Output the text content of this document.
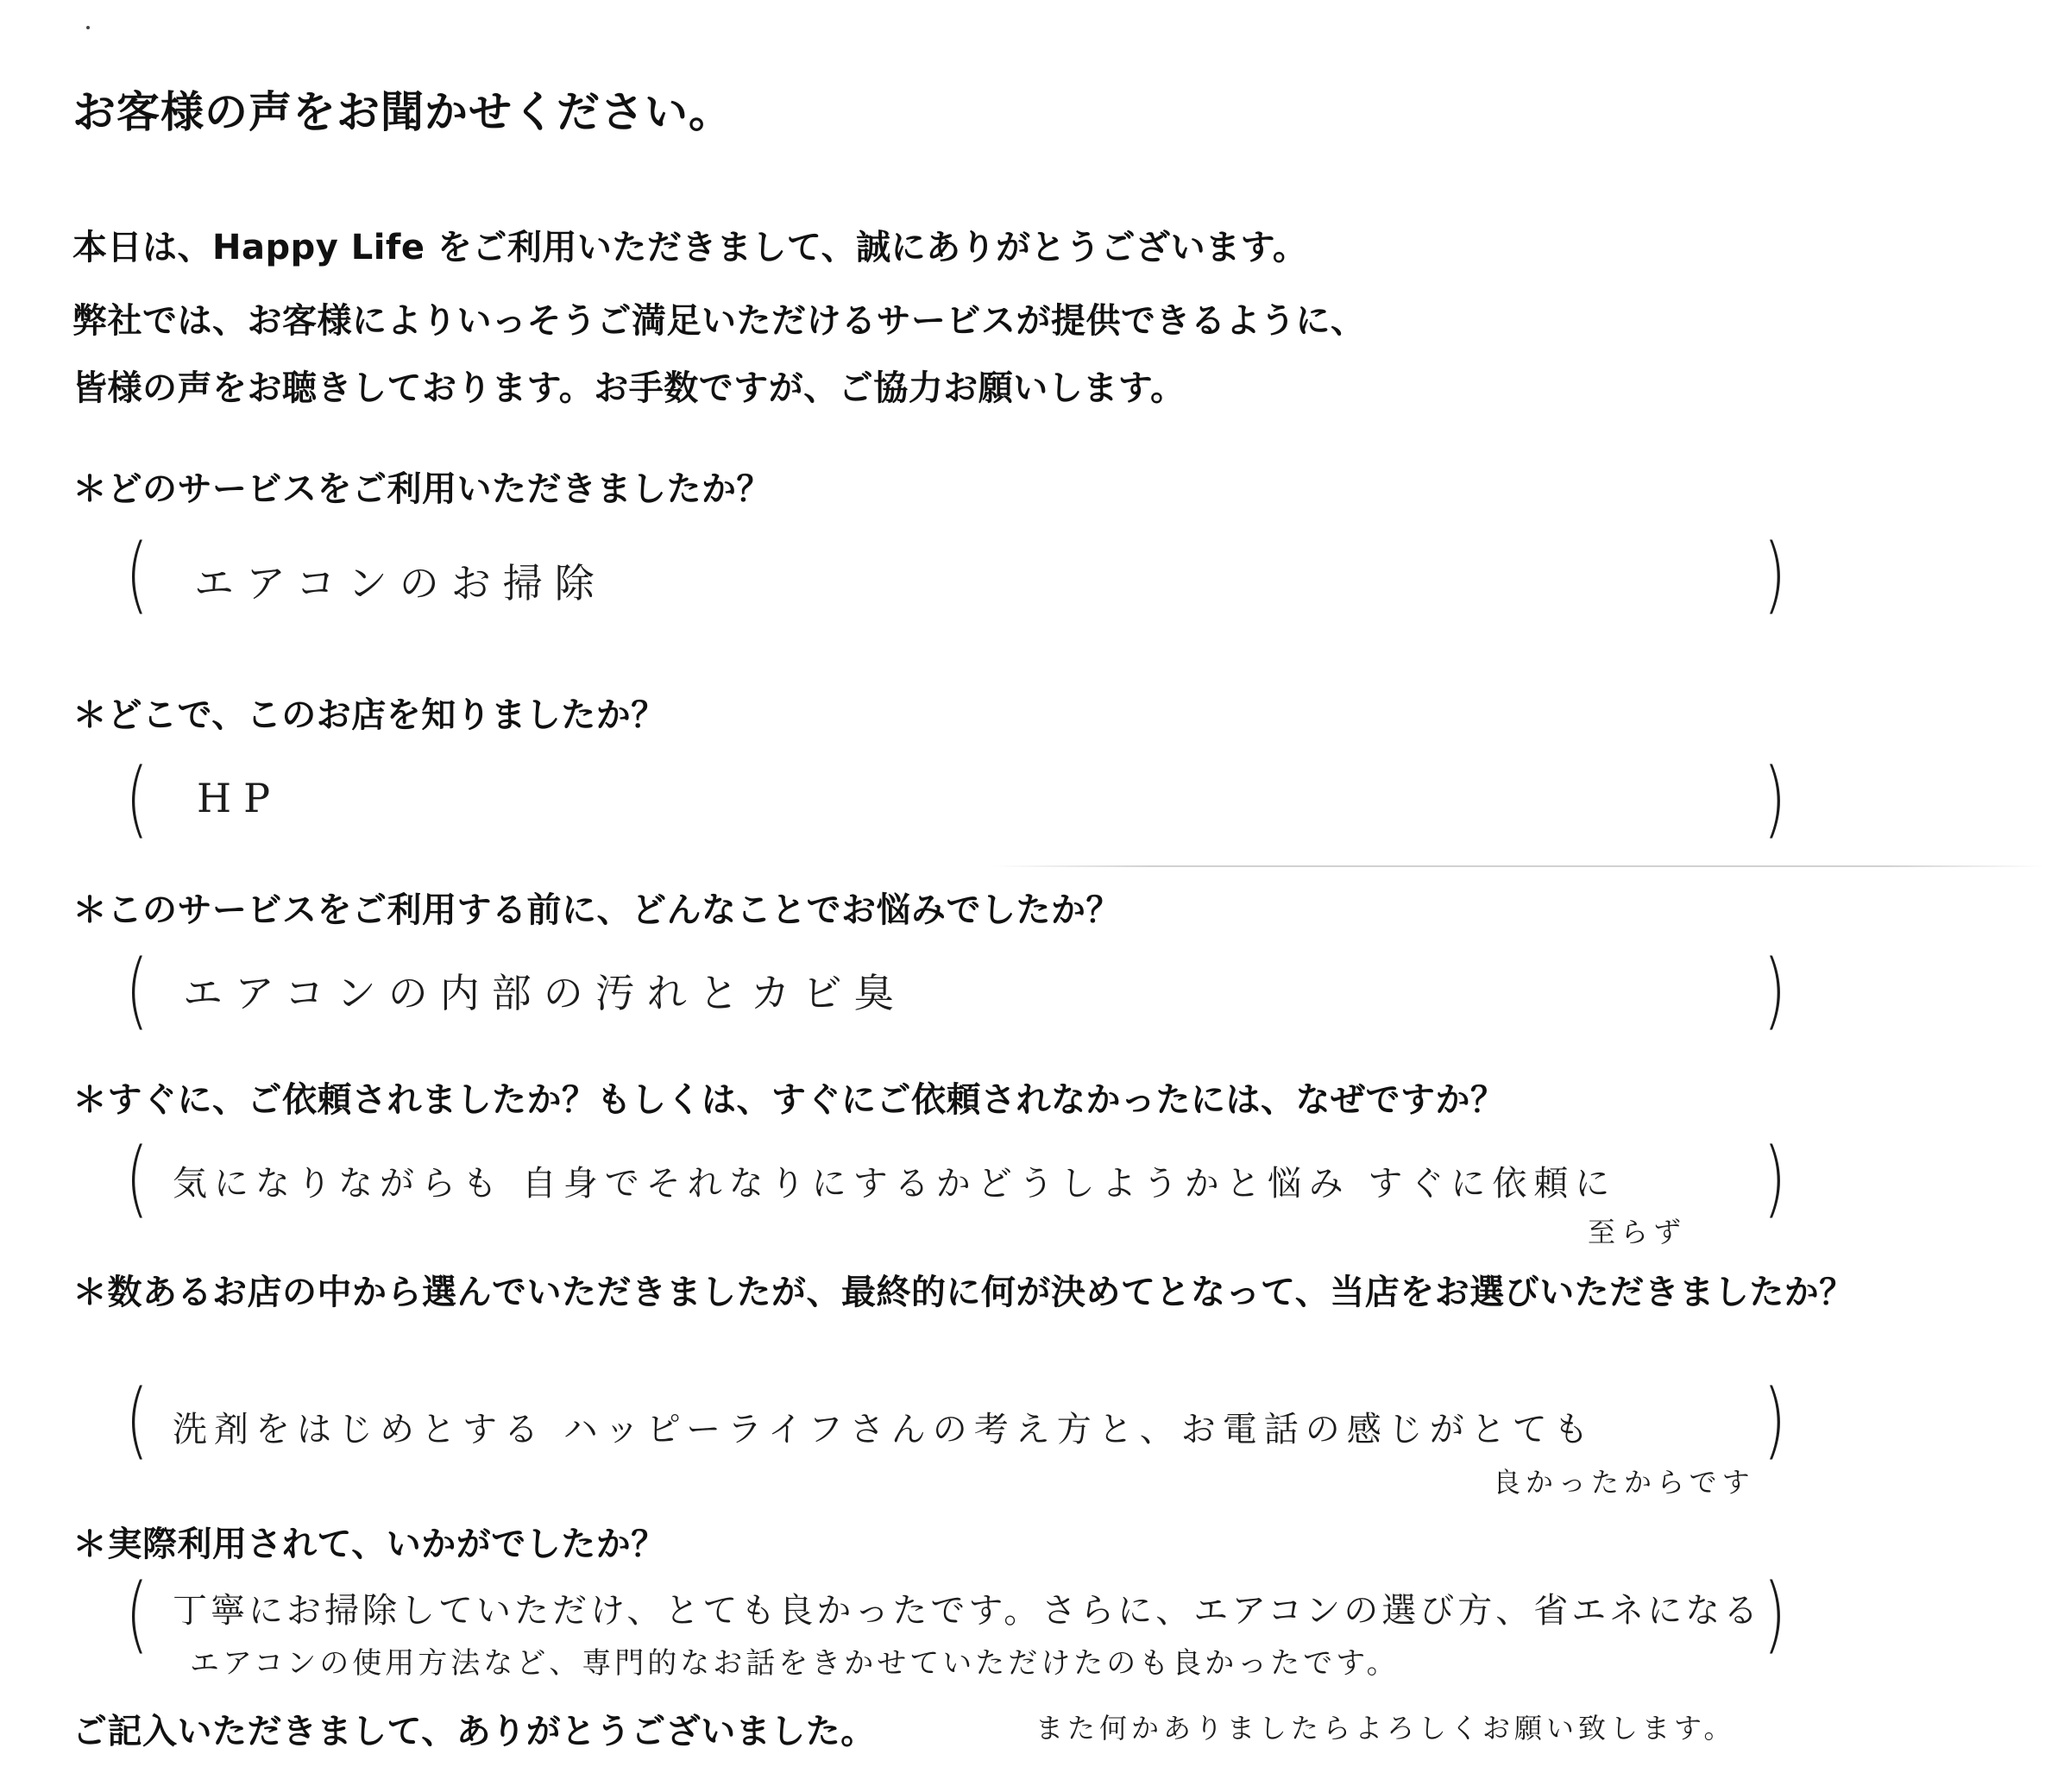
お客様の声をお聞かせください。
本日は、Happy Life をご利用いただきまして、誠にありがとうございます。
弊社では、お客様によりいっそうご満足いただけるサービスが提供できるように、
皆様の声をお聴きしております。お手数ですが、ご協力お願いします。
＊どのサービスをご利用いただきましたか？
( エアコンのお掃除	)
＊どこで、このお店を知りましたか？
( HP	)
＊このサービスをご利用する前に、どんなことでお悩みでしたか？
( エアコンの内部の汚れとカビ臭	)
＊すぐに、ご依頼されましたか？もしくは、すぐにご依頼されなかったには、なぜですか？
( 気になりながらも 自身でそれなりにするかどうしようかと悩み すぐに依頼に
至らず
)
＊数あるお店の中から選んでいただきましたが、最終的に何が決めてとなって、当店をお選びいただきましたか？
( 洗剤をはじめとする ハッピーライフさんの考え方と、お電話の感じがとても
良かったからです
)
＊実際利用されて、いかがでしたか？
( 丁寧にお掃除していただけ、とても良かったです。さらに、エアコンの選び方、省エネになる
エアコンの使用方法など、専門的なお話をきかせていただけたのも良かったです。
)
ご記入いただきまして、ありがとうございました。	また何かありましたらよろしくお願い致します。
